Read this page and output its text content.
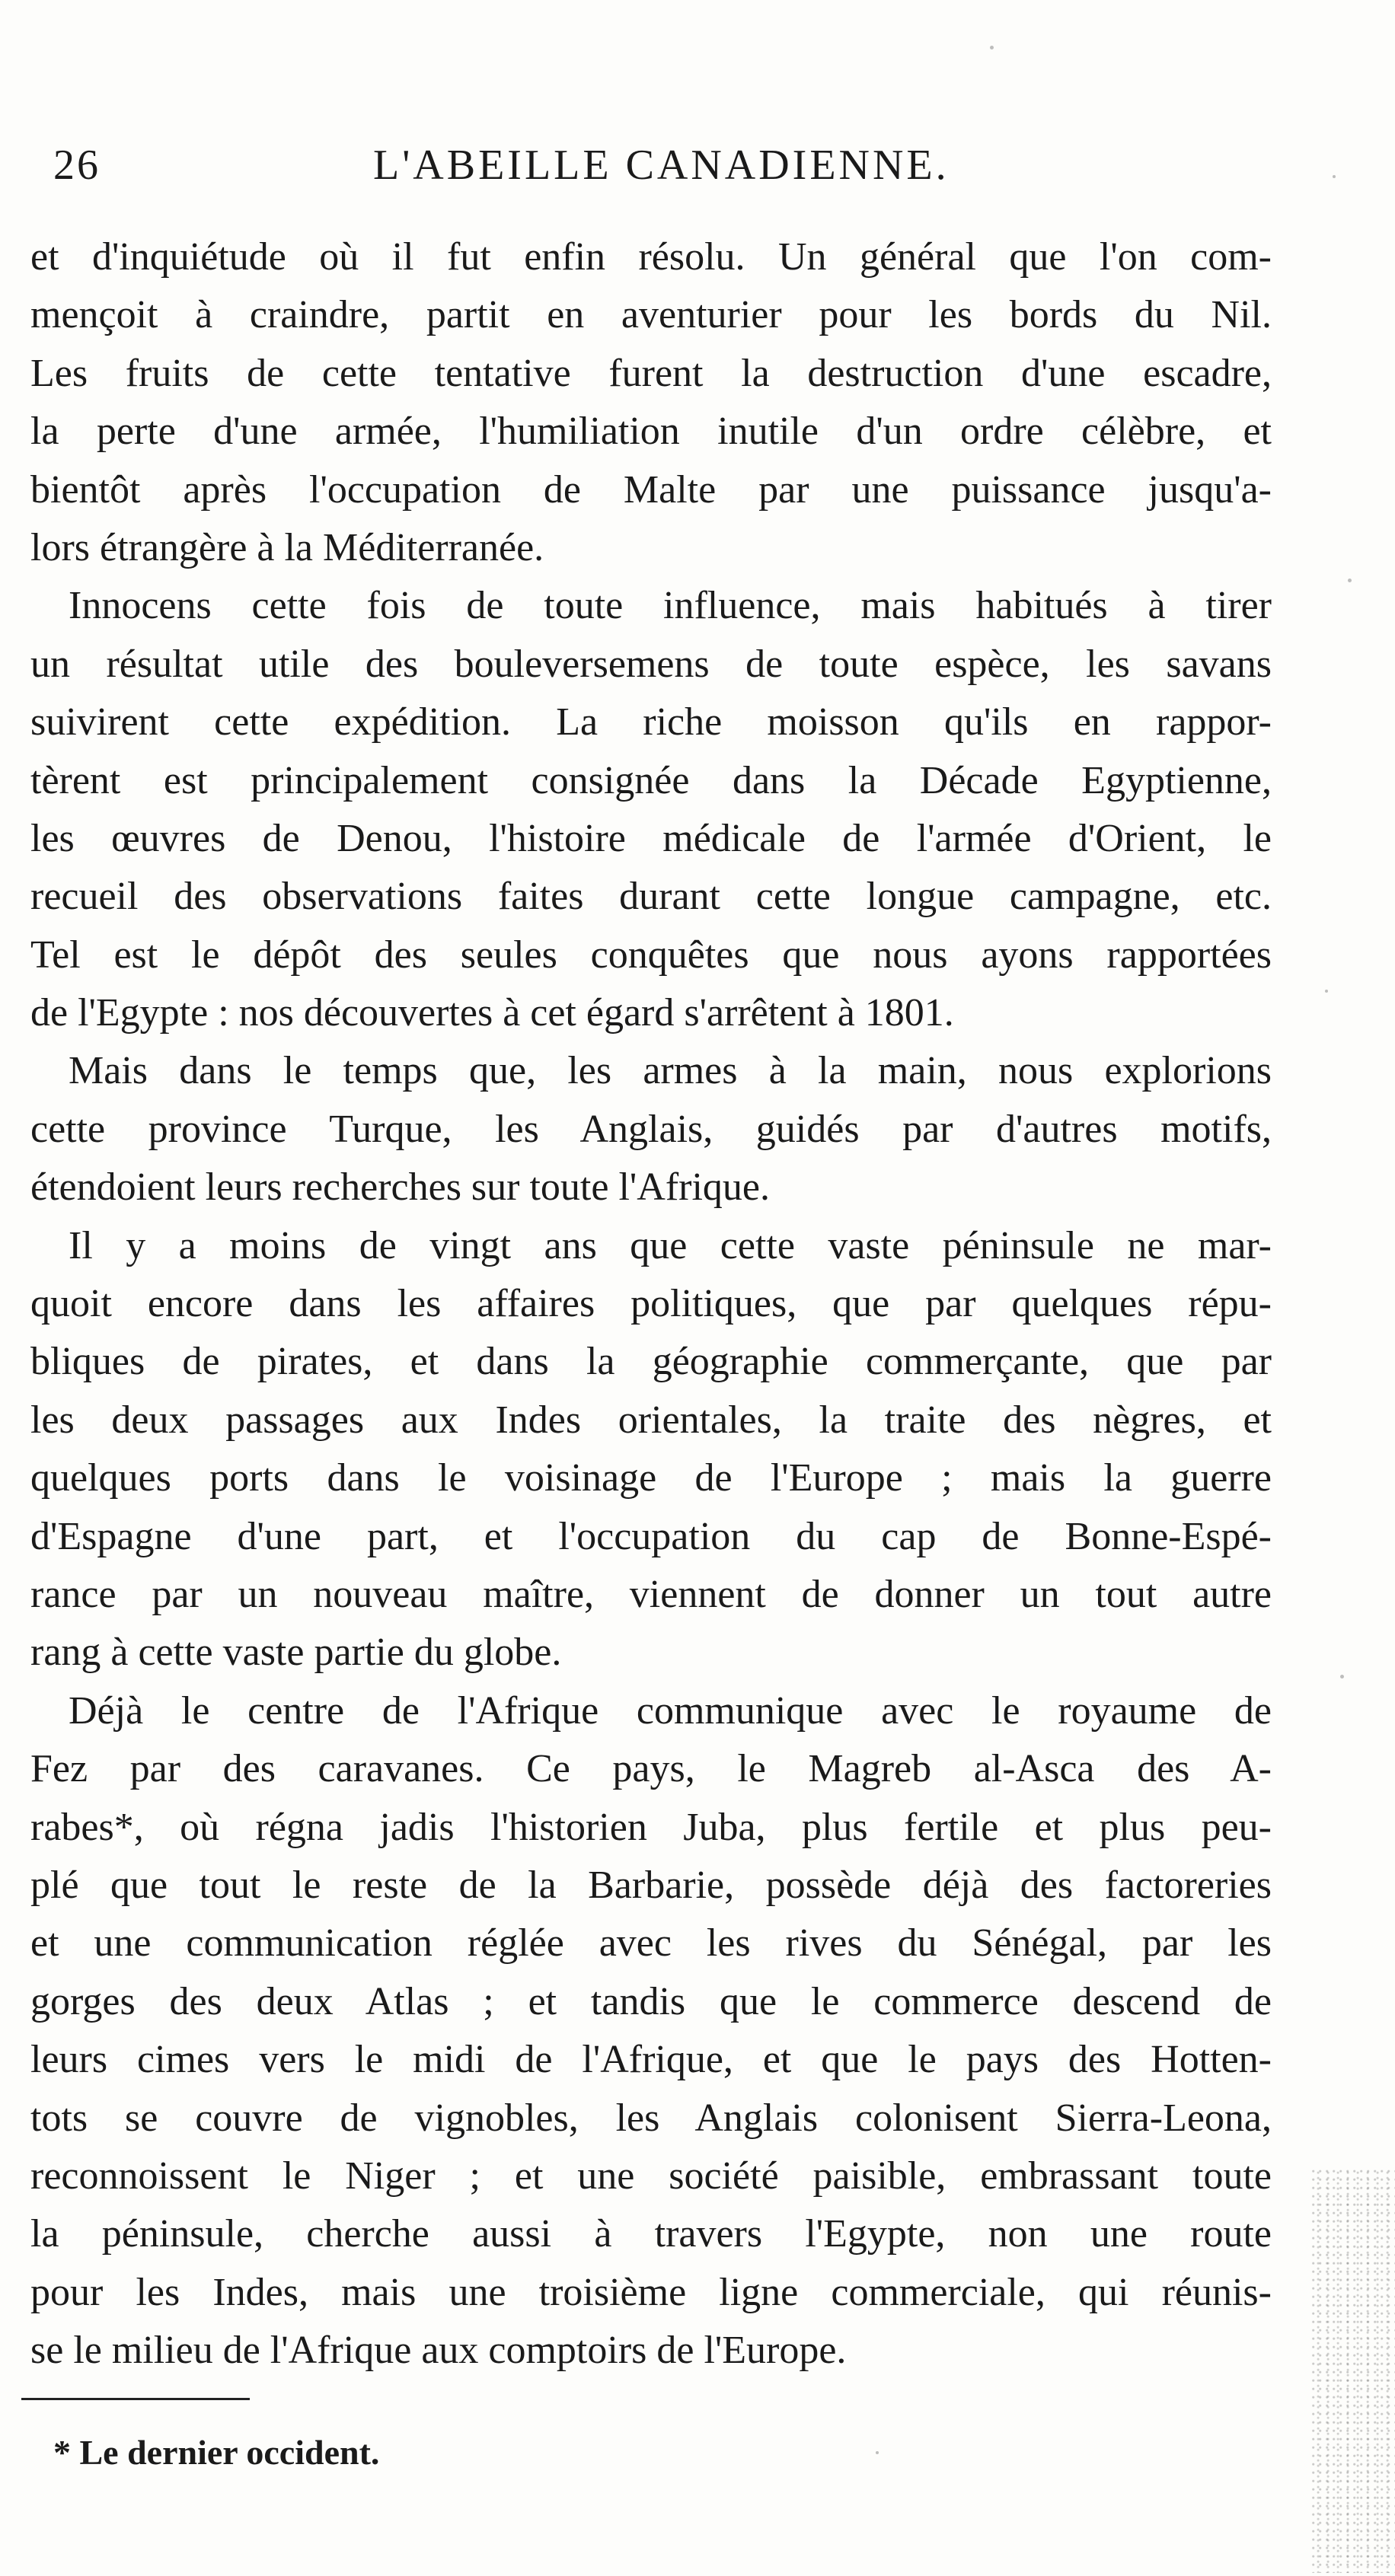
26	L'ABEILLE CANADIENNE.
et d'inquiétude où il fut enfin résolu. Un général que l'on com-
mençoit à craindre, partit en aventurier pour les bords du Nil.
Les fruits de cette tentative furent la destruction d'une escadre,
la perte d'une armée, l'humiliation inutile d'un ordre célèbre, et
bientôt après l'occupation de Malte par une puissance jusqu'a-
lors étrangère à la Méditerranée.
Innocens cette fois de toute influence, mais habitués à tirer
un résultat utile des bouleversemens de toute espèce, les savans
suivirent cette expédition. La riche moisson qu'ils en rappor-
tèrent est principalement consignée dans la Décade Egyptienne,
les œuvres de Denou, l'histoire médicale de l'armée d'Orient, le
recueil des observations faites durant cette longue campagne, etc.
Tel est le dépôt des seules conquêtes que nous ayons rapportées
de l'Egypte : nos découvertes à cet égard s'arrêtent à 1801.
Mais dans le temps que, les armes à la main, nous explorions
cette province Turque, les Anglais, guidés par d'autres motifs,
étendoient leurs recherches sur toute l'Afrique.
Il y a moins de vingt ans que cette vaste péninsule ne mar-
quoit encore dans les affaires politiques, que par quelques répu-
bliques de pirates, et dans la géographie commerçante, que par
les deux passages aux Indes orientales, la traite des nègres, et
quelques ports dans le voisinage de l'Europe ; mais la guerre
d'Espagne d'une part, et l'occupation du cap de Bonne-Espé-
rance par un nouveau maître, viennent de donner un tout autre
rang à cette vaste partie du globe.
Déjà le centre de l'Afrique communique avec le royaume de
Fez par des caravanes. Ce pays, le Magreb al-Asca des A-
rabes*, où régna jadis l'historien Juba, plus fertile et plus peu-
plé que tout le reste de la Barbarie, possède déjà des factoreries
et une communication réglée avec les rives du Sénégal, par les
gorges des deux Atlas ; et tandis que le commerce descend de
leurs cimes vers le midi de l'Afrique, et que le pays des Hotten-
tots se couvre de vignobles, les Anglais colonisent Sierra-Leona,
reconnoissent le Niger ; et une société paisible, embrassant toute
la péninsule, cherche aussi à travers l'Egypte, non une route
pour les Indes, mais une troisième ligne commerciale, qui réunis-
se le milieu de l'Afrique aux comptoirs de l'Europe.
* Le dernier occident.
